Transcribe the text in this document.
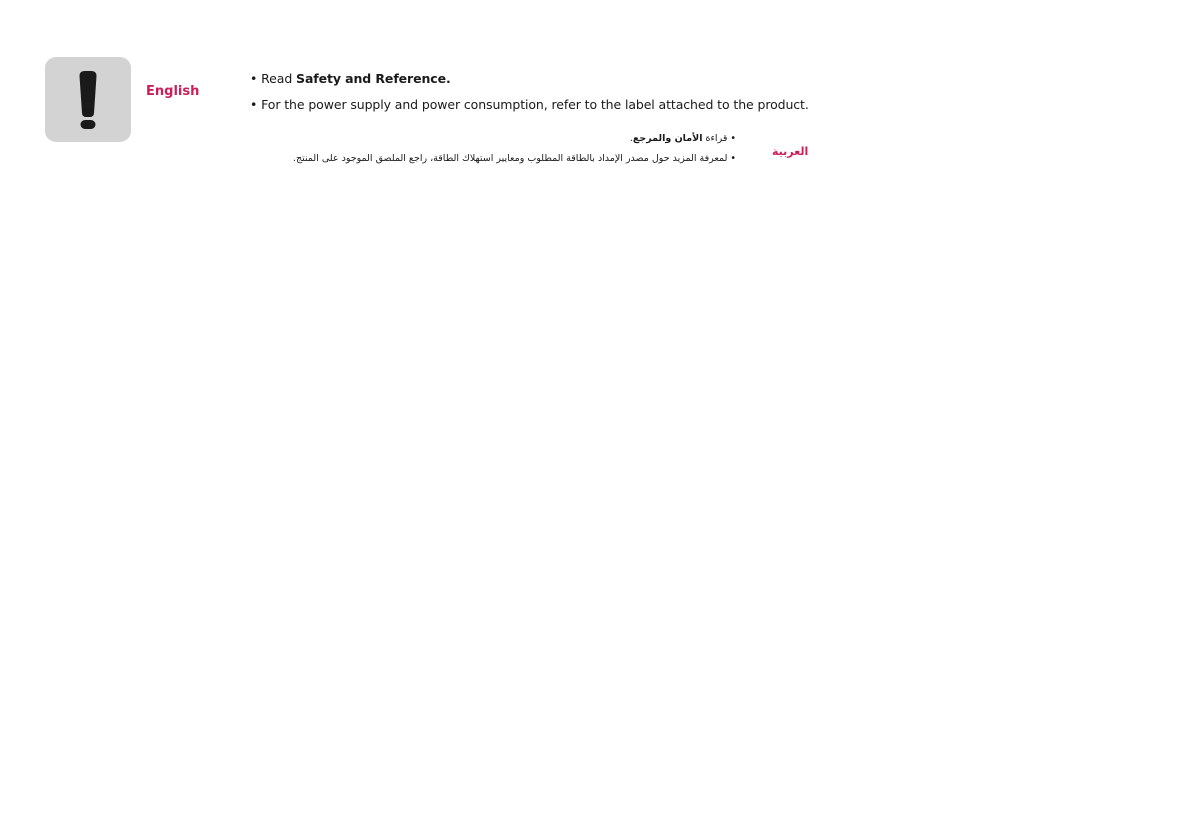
English
• Read Safety and Reference.
• For the power supply and power consumption, refer to the label attached to the product.
• قراءة الأمان والمرجع.
• لمعرفة المزيد حول مصدر الإمداد بالطاقة المطلوب ومعايير استهلاك الطاقة، راجع الملصق الموجود على المنتج.
العربية
